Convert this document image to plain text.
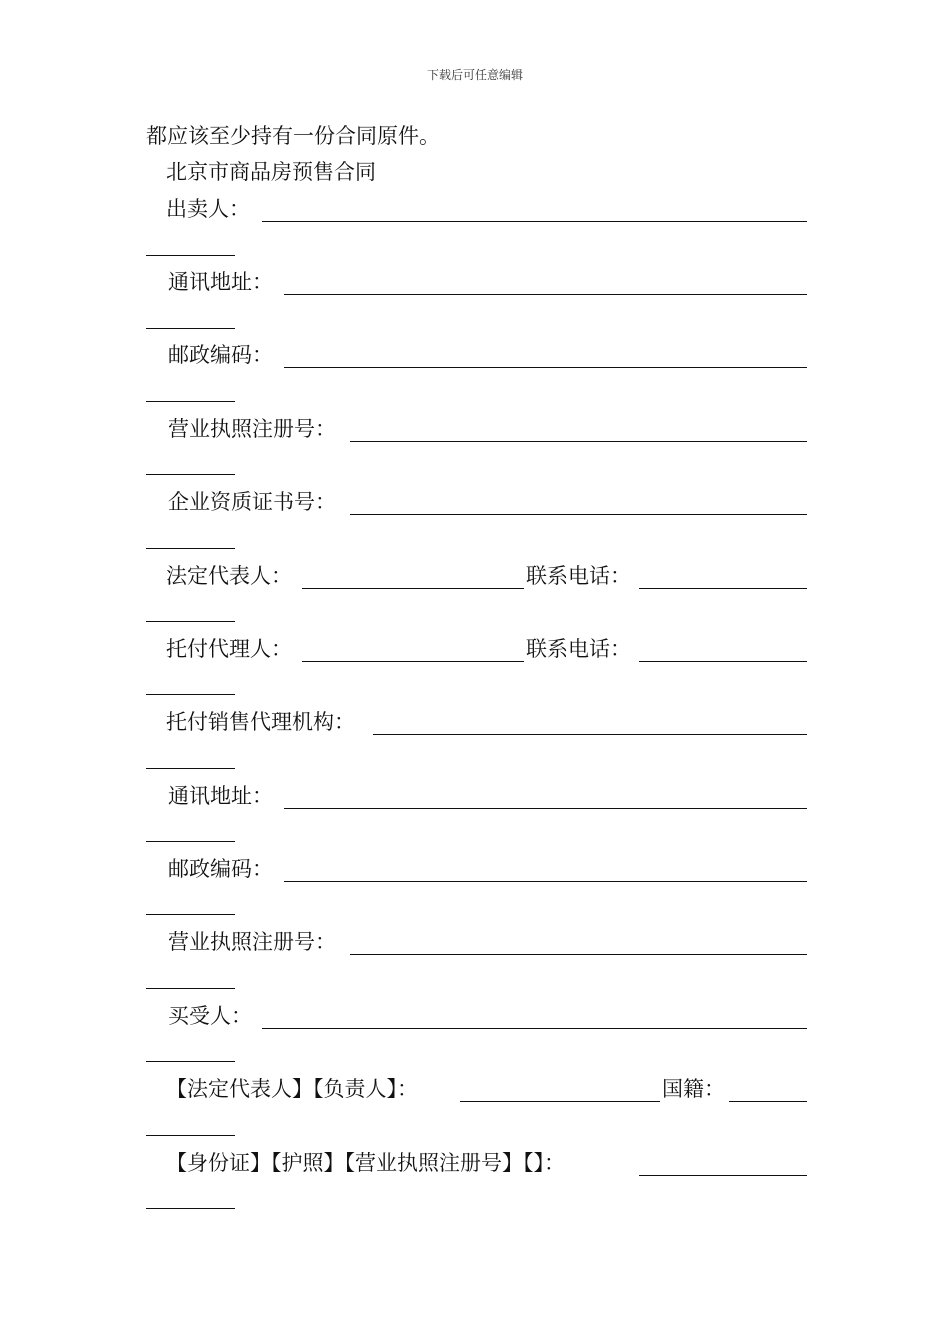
下载后可任意编辑
都应该至少持有一份合同原件。
北京市商品房预售合同
出卖人：
通讯地址：
邮政编码：
营业执照注册号：
企业资质证书号：
法定代表人：	联系电话：
托付代理人：	联系电话：
托付销售代理机构：
通讯地址：
邮政编码：
营业执照注册号：
买受人：
【法定代表人】【负责人】：	国籍：
【身份证】【护照】【营业执照注册号】【】：
